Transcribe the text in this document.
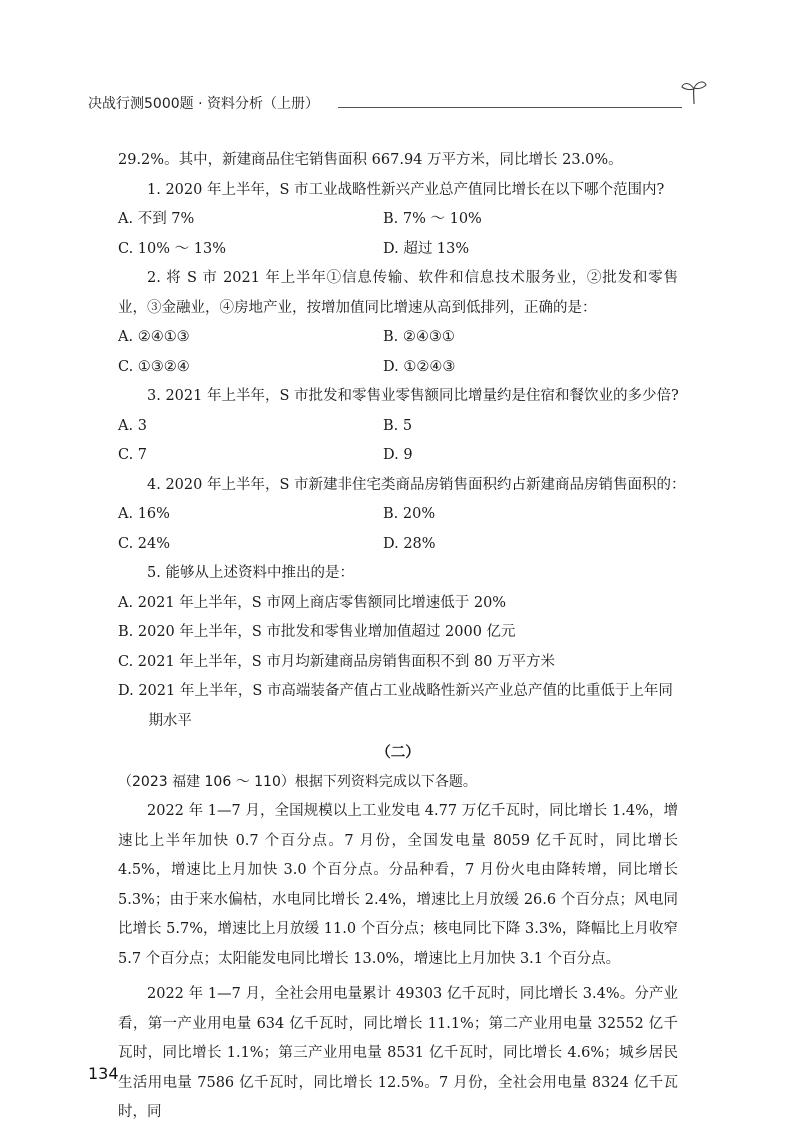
决战行测5000题 · 资料分析（上册）
29.2%。其中，新建商品住宅销售面积 667.94 万平方米，同比增长 23.0%。
1. 2020 年上半年，S 市工业战略性新兴产业总产值同比增长在以下哪个范围内?
A. 不到 7%	B. 7% ～ 10%
C. 10% ～ 13%	D. 超过 13%
2. 将 S 市 2021 年上半年①信息传输、软件和信息技术服务业，②批发和零售业，③金融业，④房地产业，按增加值同比增速从高到低排列，正确的是：
A. ②④①③	B. ②④③①
C. ①③②④	D. ①②④③
3. 2021 年上半年，S 市批发和零售业零售额同比增量约是住宿和餐饮业的多少倍?
A. 3	B. 5
C. 7	D. 9
4. 2020 年上半年，S 市新建非住宅类商品房销售面积约占新建商品房销售面积的：
A. 16%	B. 20%
C. 24%	D. 28%
5. 能够从上述资料中推出的是：
A. 2021 年上半年，S 市网上商店零售额同比增速低于 20%
B. 2020 年上半年，S 市批发和零售业增加值超过 2000 亿元
C. 2021 年上半年，S 市月均新建商品房销售面积不到 80 万平方米
D. 2021 年上半年，S 市高端装备产值占工业战略性新兴产业总产值的比重低于上年同期水平
（二）
（2023 福建 106 ～ 110）根据下列资料完成以下各题。
2022 年 1—7 月，全国规模以上工业发电 4.77 万亿千瓦时，同比增长 1.4%，增速比上半年加快 0.7 个百分点。7 月份，全国发电量 8059 亿千瓦时，同比增长 4.5%，增速比上月加快 3.0 个百分点。分品种看，7 月份火电由降转增，同比增长 5.3%；由于来水偏枯，水电同比增长 2.4%，增速比上月放缓 26.6 个百分点；风电同比增长 5.7%，增速比上月放缓 11.0 个百分点；核电同比下降 3.3%，降幅比上月收窄 5.7 个百分点；太阳能发电同比增长 13.0%，增速比上月加快 3.1 个百分点。
2022 年 1—7 月，全社会用电量累计 49303 亿千瓦时，同比增长 3.4%。分产业看，第一产业用电量 634 亿千瓦时，同比增长 11.1%；第二产业用电量 32552 亿千瓦时，同比增长 1.1%；第三产业用电量 8531 亿千瓦时，同比增长 4.6%；城乡居民生活用电量 7586 亿千瓦时，同比增长 12.5%。7 月份，全社会用电量 8324 亿千瓦时，同
134
